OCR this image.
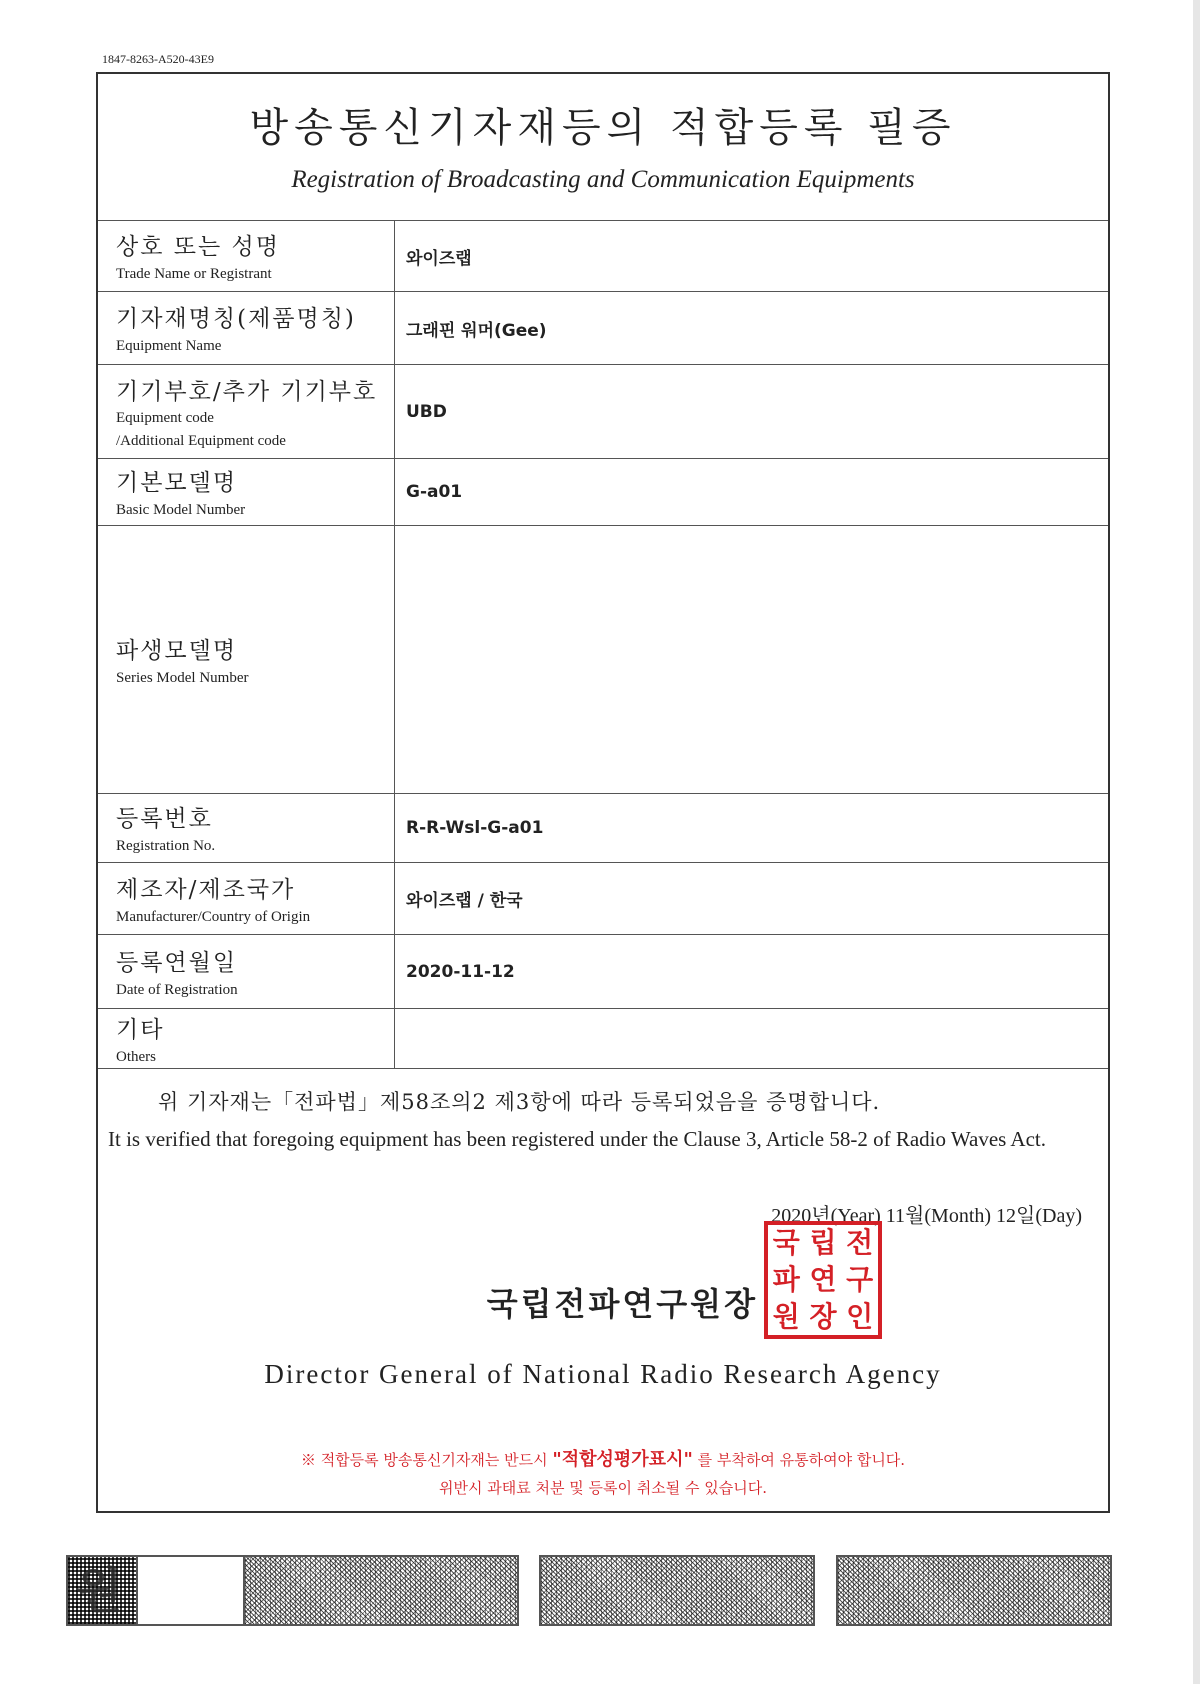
1847-8263-A520-43E9
방송통신기자재등의 적합등록 필증
Registration of Broadcasting and Communication Equipments
상호 또는 성명
Trade Name or Registrant
와이즈랩
기자재명칭(제품명칭)
Equipment Name
그래핀 워머(Gee)
기기부호/추가 기기부호
Equipment code
/Additional Equipment code
UBD
기본모델명
Basic Model Number
G-a01
파생모델명
Series Model Number
등록번호
Registration No.
R-R-Wsl-G-a01
제조자/제조국가
Manufacturer/Country of Origin
와이즈랩 / 한국
등록연월일
Date of Registration
2020-11-12
기타
Others
위 기자재는「전파법」제58조의2 제3항에 따라 등록되었음을 증명합니다.
It is verified that foregoing equipment has been registered under the Clause 3, Article 58-2 of Radio Waves Act.
2020년(Year) 11월(Month) 12일(Day)
국 립 전
파 연 구
원 장 인
국립전파연구원장
Director General of National Radio Research Agency
※ 적합등록 방송통신기자재는 반드시 "적합성평가표시" 를 부착하여 유통하여야 합니다.
위반시 과태료 처분 및 등록이 취소될 수 있습니다.
원
